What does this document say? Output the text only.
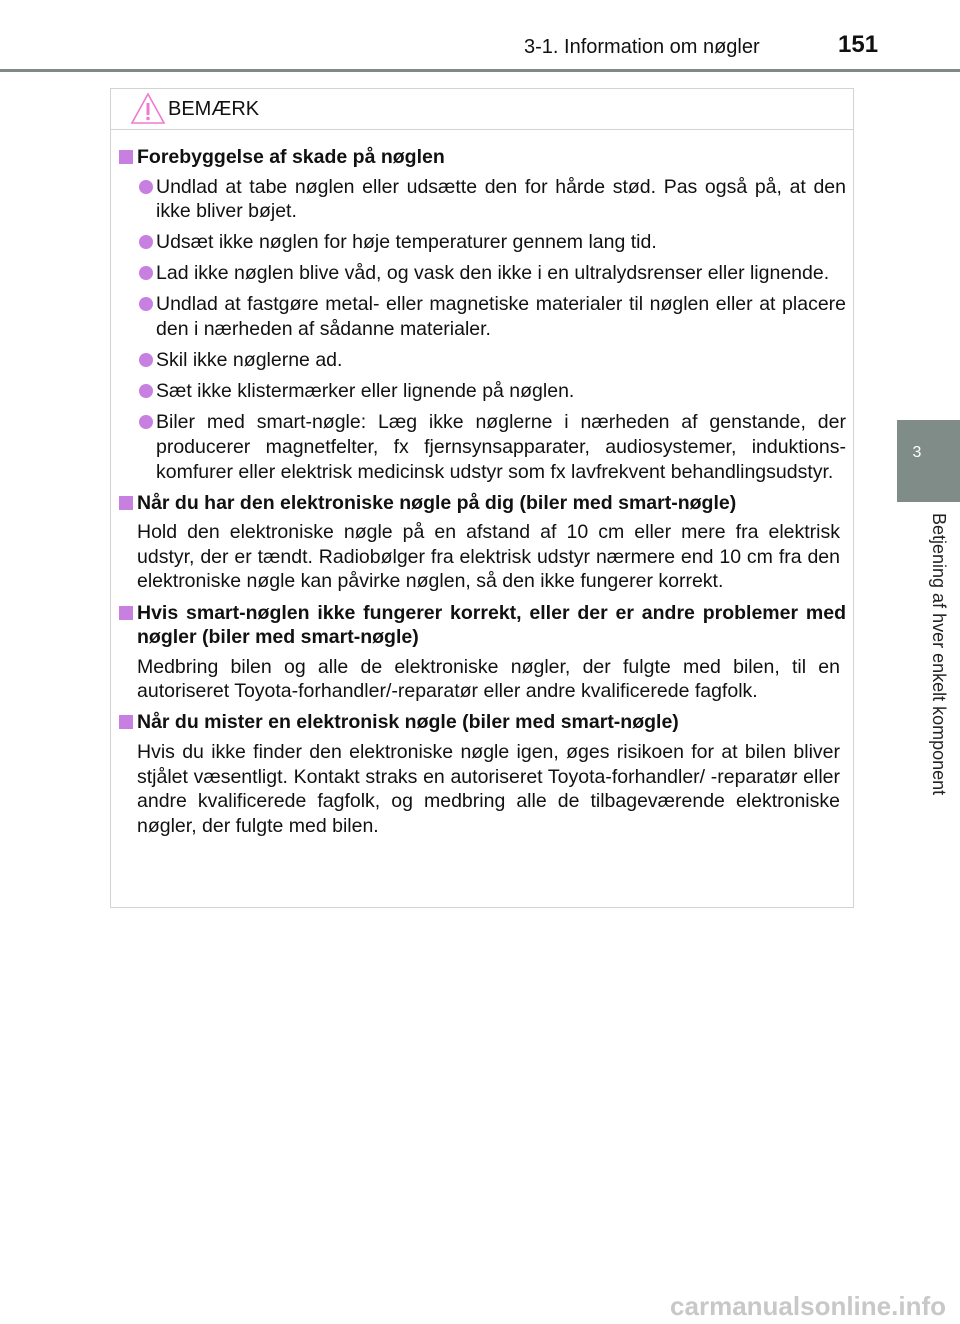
3-1. Information om nøgler	151
3
Betjening af hver enkelt komponent
BEMÆRK
Forebyggelse af skade på nøglen
Undlad at tabe nøglen eller udsætte den for hårde stød. Pas også på, at den ikke bliver bøjet.
Udsæt ikke nøglen for høje temperaturer gennem lang tid.
Lad ikke nøglen blive våd, og vask den ikke i en ultralydsrenser eller lignende.
Undlad at fastgøre metal- eller magnetiske materialer til nøglen eller at placere den i nærheden af sådanne materialer.
Skil ikke nøglerne ad.
Sæt ikke klistermærker eller lignende på nøglen.
Biler med smart-nøgle: Læg ikke nøglerne i nærheden af genstande, der producerer magnetfelter, fx fjernsynsapparater, audiosystemer, induktionskomfurer eller elektrisk medicinsk udstyr som fx lavfrekvent behandlingsudstyr.
Når du har den elektroniske nøgle på dig (biler med smart-nøgle)
Hold den elektroniske nøgle på en afstand af 10 cm eller mere fra elektrisk udstyr, der er tændt. Radiobølger fra elektrisk udstyr nærmere end 10 cm fra den elektroniske nøgle kan påvirke nøglen, så den ikke fungerer korrekt.
Hvis smart-nøglen ikke fungerer korrekt, eller der er andre problemer med nøgler (biler med smart-nøgle)
Medbring bilen og alle de elektroniske nøgler, der fulgte med bilen, til en autoriseret Toyota-forhandler/-reparatør eller andre kvalificerede fagfolk.
Når du mister en elektronisk nøgle (biler med smart-nøgle)
Hvis du ikke finder den elektroniske nøgle igen, øges risikoen for at bilen bliver stjålet væsentligt. Kontakt straks en autoriseret Toyota-forhandler/ -reparatør eller andre kvalificerede fagfolk, og medbring alle de tilbageværende elektroniske nøgler, der fulgte med bilen.
carmanualsonline.info
